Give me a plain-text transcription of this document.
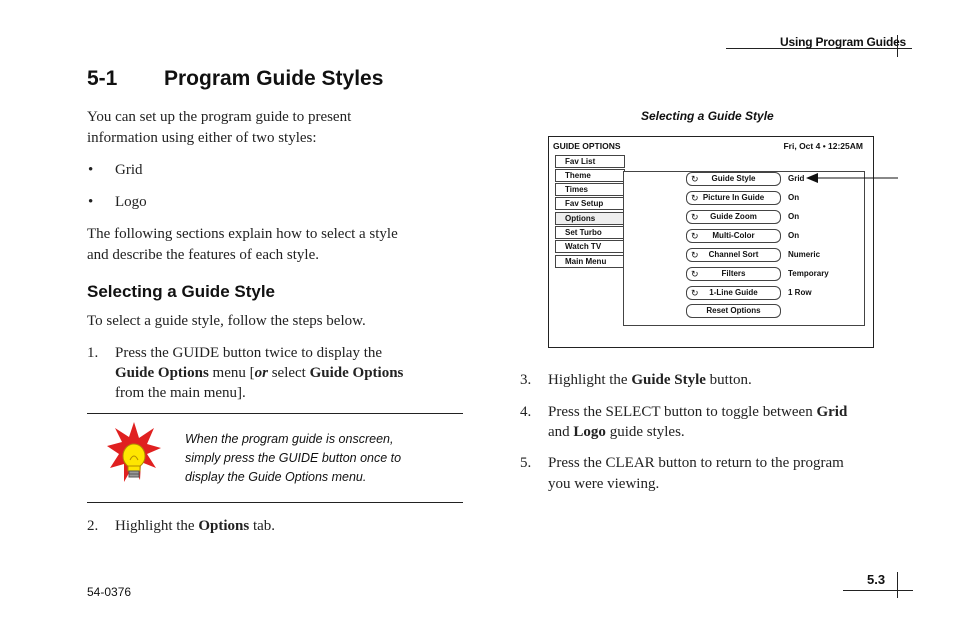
Using Program Guides
5-1 Program Guide Styles
You can set up the program guide to present
information using either of two styles:
• Grid
• Logo
The following sections explain how to select a style
and describe the features of each style.
Selecting a Guide Style
To select a guide style, follow the steps below.
1. Press the GUIDE button twice to display the
Guide Options menu [or select Guide Options
from the main menu].
When the program guide is onscreen,
simply press the GUIDE button once to
display the Guide Options menu.
2. Highlight the Options tab.
Selecting a Guide Style
GUIDE OPTIONS	Fri, Oct 4 • 12:25AM
Fav List
Theme
Times
Fav Setup
Options
Set Turbo
Watch TV
Main Menu
↻ Guide Style	Grid
↻ Picture In Guide	On
↻ Guide Zoom	On
↻ Multi-Color	On
↻ Channel Sort	Numeric
↻	Filters	Temporary
↻ 1-Line Guide	1 Row
Reset Options
3. Highlight the Guide Style button.
4. Press the SELECT button to toggle between Grid
and Logo guide styles.
5. Press the CLEAR button to return to the program
you were viewing.
54-0376
5.3
